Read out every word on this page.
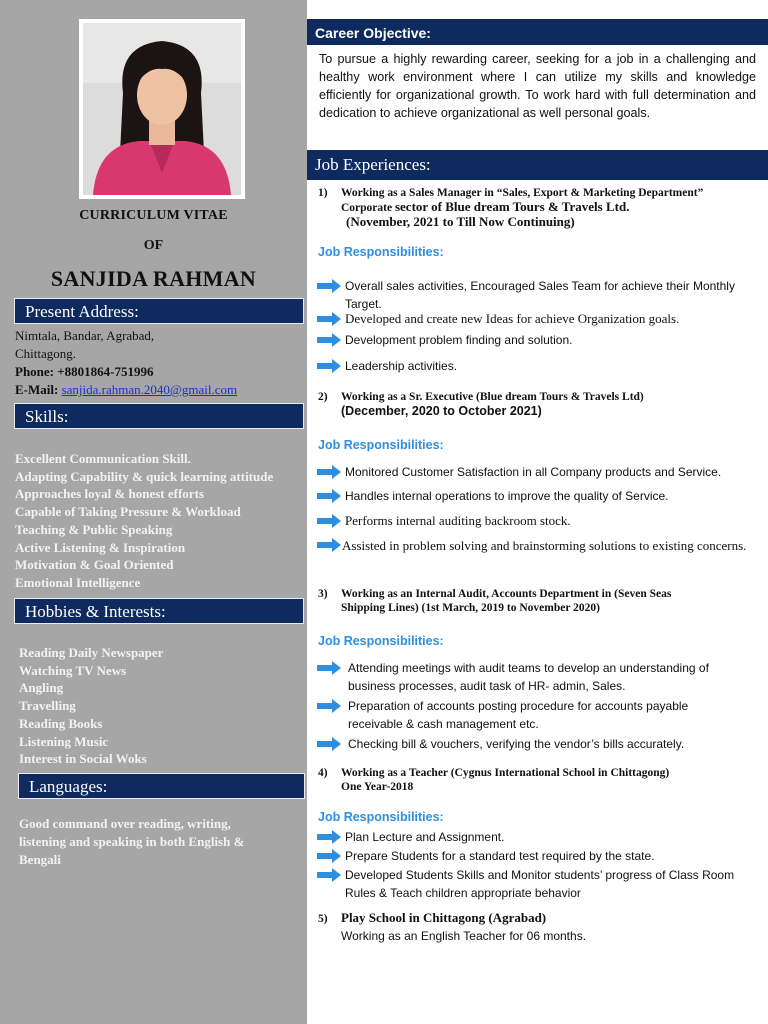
CURRICULUM VITAE
OF
SANJIDA RAHMAN
Present Address:
Nimtala, Bandar, Agrabad,
Chittagong.
Phone: +8801864-751996
E-Mail: sanjida.rahman.2040@gmail.com
Skills:
Excellent Communication Skill.
Adapting Capability & quick learning attitude
Approaches loyal & honest efforts
Capable of Taking Pressure & Workload
Teaching & Public Speaking
Active Listening & Inspiration
Motivation & Goal Oriented
Emotional Intelligence
Hobbies & Interests:
Reading Daily Newspaper
Watching TV News
Angling
Travelling
Reading Books
Listening Music
Interest in Social Woks
Languages:
Good command over reading, writing, listening and speaking in both English & Bengali
Career Objective:
To pursue a highly rewarding career, seeking for a job in a challenging and healthy work environment where I can utilize my skills and knowledge efficiently for organizational growth. To work hard with full determination and dedication to achieve organizational as well personal goals.
Job Experiences:
1) Working as a Sales Manager in “Sales, Export & Marketing Department”
Corporate sector of Blue dream Tours & Travels Ltd.
(November, 2021 to Till Now Continuing)
Job Responsibilities:
Overall sales activities, Encouraged Sales Team for achieve their Monthly Target.
Developed and create new Ideas for achieve Organization goals.
Development problem finding and solution.
Leadership activities.
2) Working as a Sr. Executive (Blue dream Tours & Travels Ltd)
(December, 2020 to October 2021)
Job Responsibilities:
Monitored Customer Satisfaction in all Company products and Service.
Handles internal operations to improve the quality of Service.
Performs internal auditing backroom stock.
Assisted in problem solving and brainstorming solutions to existing concerns.
3) Working as an Internal Audit, Accounts Department in (Seven Seas
Shipping Lines) (1st March, 2019 to November 2020)
Job Responsibilities:
Attending meetings with audit teams to develop an understanding of business processes, audit task of HR- admin, Sales.
Preparation of accounts posting procedure for accounts payable receivable & cash management etc.
Checking bill & vouchers, verifying the vendor’s bills accurately.
4) Working as a Teacher (Cygnus International School in Chittagong)
One Year-2018
Job Responsibilities:
Plan Lecture and Assignment.
Prepare Students for a standard test required by the state.
Developed Students Skills and Monitor students’ progress of Class Room Rules & Teach children appropriate behavior
5) Play School in Chittagong (Agrabad)
Working as an English Teacher for 06 months.
